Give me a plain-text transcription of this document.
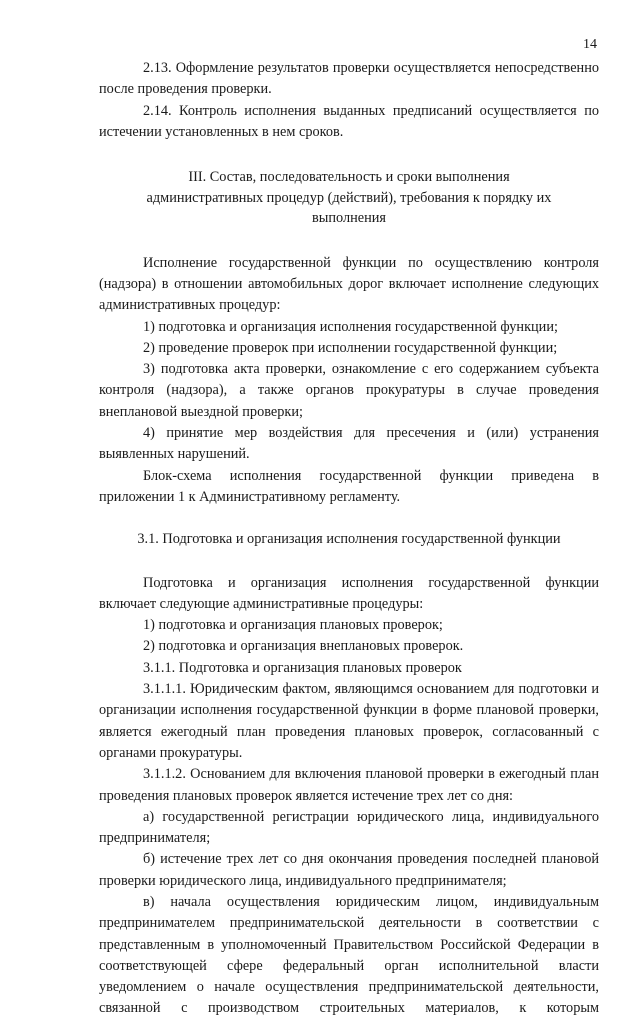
14

2.13. Оформление результатов проверки осуществляется непосредственно после проведения проверки.

2.14. Контроль исполнения выданных предписаний осуществляется по истечении установленных в нем сроков.

III. Состав, последовательность и сроки выполнения административных процедур (действий), требования к порядку их выполнения

Исполнение государственной функции по осуществлению контроля (надзора) в отношении автомобильных дорог включает исполнение следующих административных процедур:

1) подготовка и организация исполнения государственной функции;

2) проведение проверок при исполнении государственной функции;

3) подготовка акта проверки, ознакомление с его содержанием субъекта контроля (надзора), а также органов прокуратуры в случае проведения внеплановой выездной проверки;

4) принятие мер воздействия для пресечения и (или) устранения выявленных нарушений.

Блок-схема исполнения государственной функции приведена в приложении 1 к Административному регламенту.

3.1. Подготовка и организация исполнения государственной функции

Подготовка и организация исполнения государственной функции включает следующие административные процедуры:

1) подготовка и организация плановых проверок;

2) подготовка и организация внеплановых проверок.

3.1.1. Подготовка и организация плановых проверок

3.1.1.1. Юридическим фактом, являющимся основанием для подготовки и организации исполнения государственной функции в форме плановой проверки, является ежегодный план проведения плановых проверок, согласованный с органами прокуратуры.

3.1.1.2. Основанием для включения плановой проверки в ежегодный план проведения плановых проверок является истечение трех лет со дня:

а) государственной регистрации юридического лица, индивидуального предпринимателя;

б) истечение трех лет со дня окончания проведения последней плановой проверки юридического лица, индивидуального предпринимателя;

в) начала осуществления юридическим лицом, индивидуальным предпринимателем предпринимательской деятельности в соответствии с представленным в уполномоченный Правительством Российской Федерации в соответствующей сфере федеральный орган исполнительной власти уведомлением о начале осуществления предпринимательской деятельности, связанной с производством строительных материалов, к которым
